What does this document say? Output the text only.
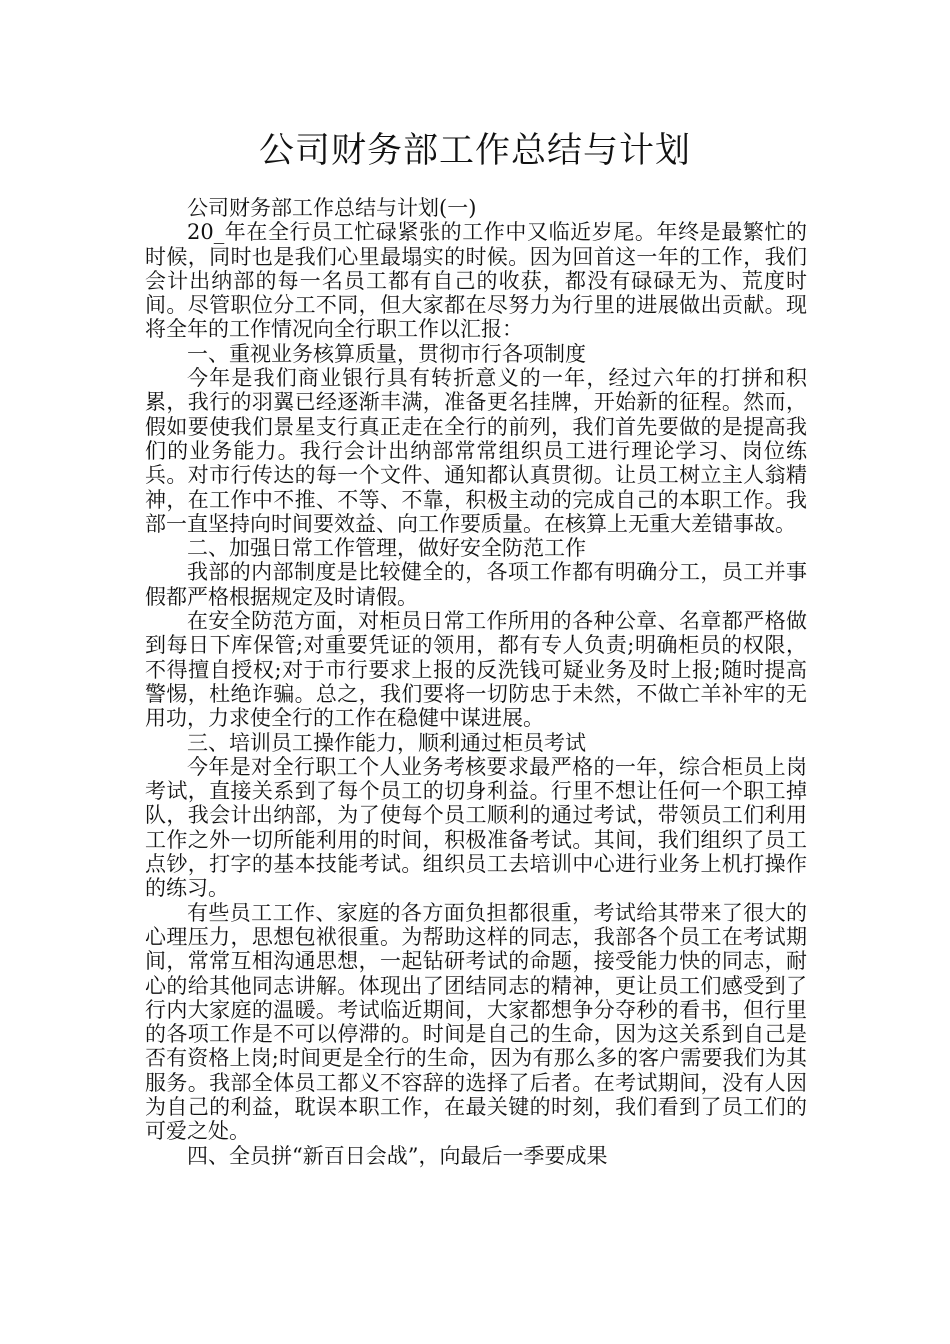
公司财务部工作总结与计划

公司财务部工作总结与计划(一)

20_年在全行员工忙碌紧张的工作中又临近岁尾。年终是最繁忙的时候，同时也是我们心里最塌实的时候。因为回首这一年的工作，我们会计出纳部的每一名员工都有自己的收获，都没有碌碌无为、荒度时间。尽管职位分工不同，但大家都在尽努力为行里的进展做出贡献。现将全年的工作情况向全行职工作以汇报：

一、重视业务核算质量，贯彻市行各项制度

今年是我们商业银行具有转折意义的一年，经过六年的打拼和积累，我行的羽翼已经逐渐丰满，准备更名挂牌，开始新的征程。然而，假如要使我们景星支行真正走在全行的前列，我们首先要做的是提高我们的业务能力。我行会计出纳部常常组织员工进行理论学习、岗位练兵。对市行传达的每一个文件、通知都认真贯彻。让员工树立主人翁精神，在工作中不推、不等、不靠，积极主动的完成自己的本职工作。我部一直坚持向时间要效益、向工作要质量。在核算上无重大差错事故。

二、加强日常工作管理，做好安全防范工作

我部的内部制度是比较健全的，各项工作都有明确分工，员工并事假都严格根据规定及时请假。

在安全防范方面，对柜员日常工作所用的各种公章、名章都严格做到每日下库保管;对重要凭证的领用，都有专人负责;明确柜员的权限，不得擅自授权;对于市行要求上报的反洗钱可疑业务及时上报;随时提高警惕，杜绝诈骗。总之，我们要将一切防忠于未然，不做亡羊补牢的无用功，力求使全行的工作在稳健中谋进展。

三、培训员工操作能力，顺利通过柜员考试

今年是对全行职工个人业务考核要求最严格的一年，综合柜员上岗考试，直接关系到了每个员工的切身利益。行里不想让任何一个职工掉队，我会计出纳部，为了使每个员工顺利的通过考试，带领员工们利用工作之外一切所能利用的时间，积极准备考试。其间，我们组织了员工点钞，打字的基本技能考试。组织员工去培训中心进行业务上机打操作的练习。

有些员工工作、家庭的各方面负担都很重，考试给其带来了很大的心理压力，思想包袱很重。为帮助这样的同志，我部各个员工在考试期间，常常互相沟通思想，一起钻研考试的命题，接受能力快的同志，耐心的给其他同志讲解。体现出了团结同志的精神，更让员工们感受到了行内大家庭的温暖。考试临近期间，大家都想争分夺秒的看书，但行里的各项工作是不可以停滞的。时间是自己的生命，因为这关系到自己是否有资格上岗;时间更是全行的生命，因为有那么多的客户需要我们为其服务。我部全体员工都义不容辞的选择了后者。在考试期间，没有人因为自己的利益，耽误本职工作，在最关键的时刻，我们看到了员工们的可爱之处。

四、全员拼“新百日会战”，向最后一季要成果
